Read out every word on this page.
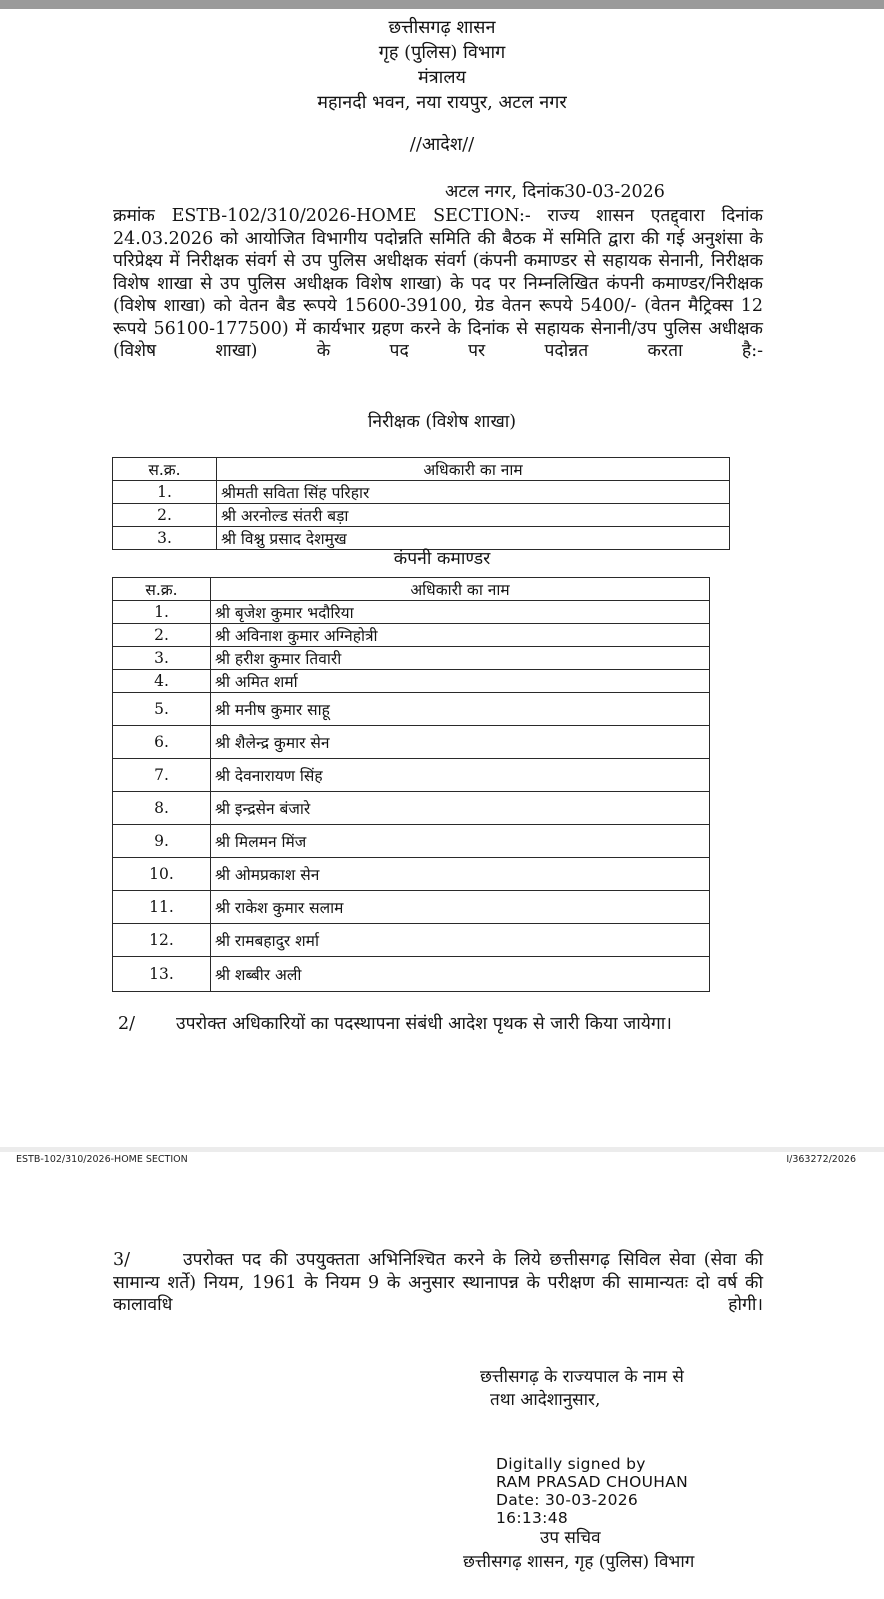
छत्तीसगढ़ शासन
गृह (पुलिस) विभाग
मंत्रालय
महानदी भवन, नया रायपुर, अटल नगर
//आदेश//
अटल नगर, दिनांक30-03-2026
क्रमांक ESTB-102/310/2026-HOME SECTION:- राज्य शासन एतद्द्वारा दिनांक 24.03.2026 को आयोजित विभागीय पदोन्नति समिति की बैठक में समिति द्वारा की गई अनुशंसा के परिप्रेक्ष्य में निरीक्षक संवर्ग से उप पुलिस अधीक्षक संवर्ग (कंपनी कमाण्डर से सहायक सेनानी, निरीक्षक विशेष शाखा से उप पुलिस अधीक्षक विशेष शाखा) के पद पर निम्नलिखित कंपनी कमाण्डर/निरीक्षक (विशेष शाखा) को वेतन बैड रूपये 15600-39100, ग्रेड वेतन रूपये 5400/- (वेतन मैट्रिक्स 12 रूपये 56100-177500) में कार्यभार ग्रहण करने के दिनांक से सहायक सेनानी/उप पुलिस अधीक्षक (विशेष शाखा) के पद पर पदोन्नत करता है:-
निरीक्षक (विशेष शाखा)
स.क्र.	अधिकारी का नाम
1.	श्रीमती सविता सिंह परिहार
2.	श्री अरनोल्ड संतरी बड़ा
3.	श्री विश्नु प्रसाद देशमुख
कंपनी कमाण्डर
स.क्र.	अधिकारी का नाम
1.	श्री बृजेश कुमार भदौरिया
2.	श्री अविनाश कुमार अग्निहोत्री
3.	श्री हरीश कुमार तिवारी
4.	श्री अमित शर्मा
5.	श्री मनीष कुमार साहू
6.	श्री शैलेन्द्र कुमार सेन
7.	श्री देवनारायण सिंह
8.	श्री इन्द्रसेन बंजारे
9.	श्री मिलमन मिंज
10.	श्री ओमप्रकाश सेन
11.	श्री राकेश कुमार सलाम
12.	श्री रामबहादुर शर्मा
13.	श्री शब्बीर अली
2/	उपरोक्त अधिकारियों का पदस्थापना संबंधी आदेश पृथक से जारी किया जायेगा।
ESTB-102/310/2026-HOME SECTION	I/363272/2026
3/	उपरोक्त पद की उपयुक्तता अभिनिश्चित करने के लिये छत्तीसगढ़ सिविल सेवा (सेवा की सामान्य शर्ते) नियम, 1961 के नियम 9 के अनुसार स्थानापन्न के परीक्षण की सामान्यतः दो वर्ष की कालावधि होगी।
छत्तीसगढ़ के राज्यपाल के नाम से
तथा आदेशानुसार,
Digitally signed by
RAM PRASAD CHOUHAN
Date: 30-03-2026
16:13:48
उप सचिव
छत्तीसगढ़ शासन, गृह (पुलिस) विभाग
